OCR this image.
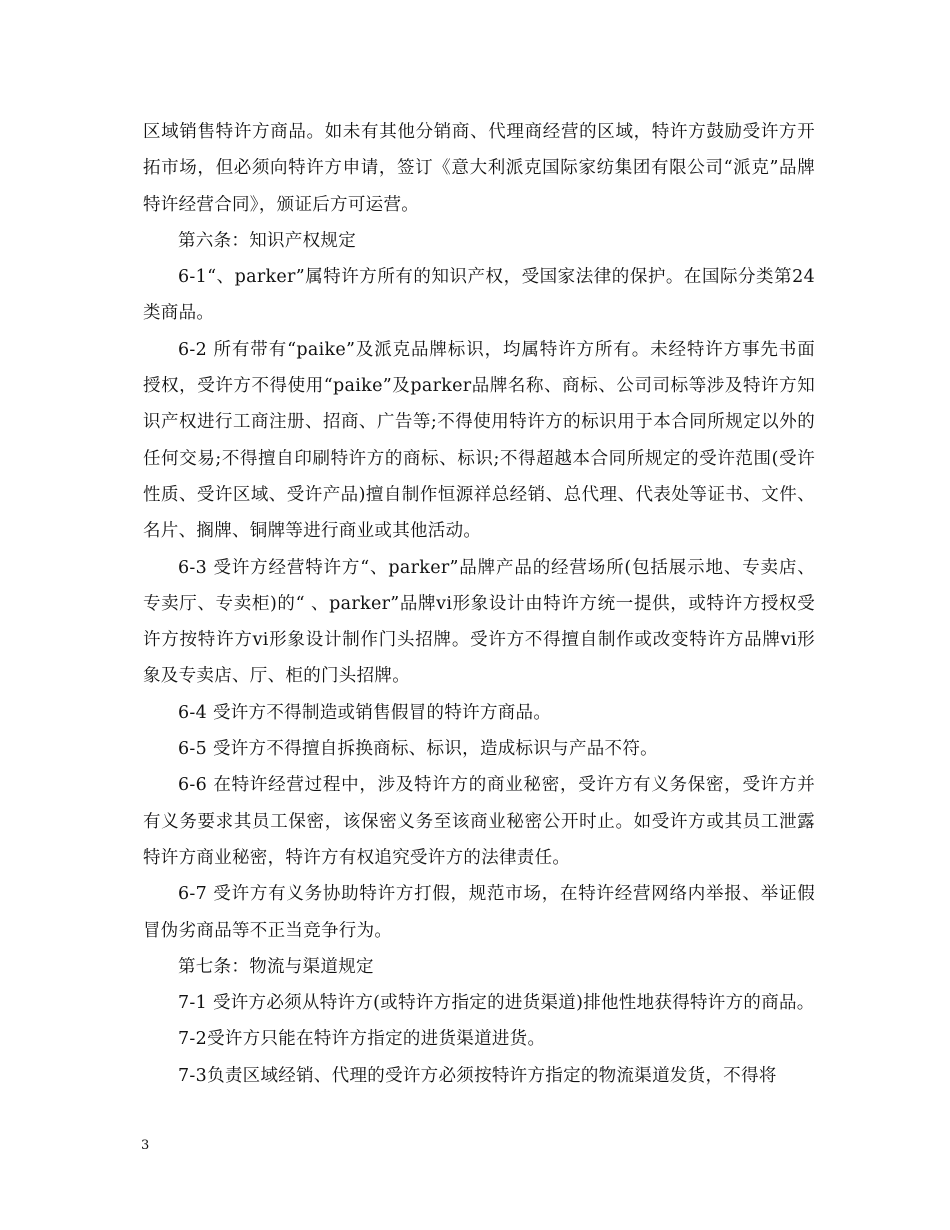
区域销售特许方商品。如未有其他分销商、代理商经营的区域，特许方鼓励受许方开拓市场，但必须向特许方申请，签订《意大利派克国际家纺集团有限公司“派克”品牌特许经营合同》，颁证后方可运营。

第六条：知识产权规定

6-1“、parker”属特许方所有的知识产权，受国家法律的保护。在国际分类第24类商品。

6-2 所有带有“paike”及派克品牌标识，均属特许方所有。未经特许方事先书面授权，受许方不得使用“paike”及parker品牌名称、商标、公司司标等涉及特许方知识产权进行工商注册、招商、广告等;不得使用特许方的标识用于本合同所规定以外的任何交易;不得擅自印刷特许方的商标、标识;不得超越本合同所规定的受许范围(受许性质、受许区域、受许产品)擅自制作恒源祥总经销、总代理、代表处等证书、文件、名片、搁牌、铜牌等进行商业或其他活动。

6-3 受许方经营特许方“、parker”品牌产品的经营场所(包括展示地、专卖店、专卖厅、专卖柜)的“ 、parker”品牌vi形象设计由特许方统一提供，或特许方授权受许方按特许方vi形象设计制作门头招牌。受许方不得擅自制作或改变特许方品牌vi形象及专卖店、厅、柜的门头招牌。

6-4 受许方不得制造或销售假冒的特许方商品。

6-5 受许方不得擅自拆换商标、标识，造成标识与产品不符。

6-6 在特许经营过程中，涉及特许方的商业秘密，受许方有义务保密，受许方并有义务要求其员工保密，该保密义务至该商业秘密公开时止。如受许方或其员工泄露特许方商业秘密，特许方有权追究受许方的法律责任。

6-7 受许方有义务协助特许方打假，规范市场，在特许经营网络内举报、举证假冒伪劣商品等不正当竞争行为。

第七条：物流与渠道规定

7-1 受许方必须从特许方(或特许方指定的进货渠道)排他性地获得特许方的商品。

7-2受许方只能在特许方指定的进货渠道进货。

7-3负责区域经销、代理的受许方必须按特许方指定的物流渠道发货，不得将

3
